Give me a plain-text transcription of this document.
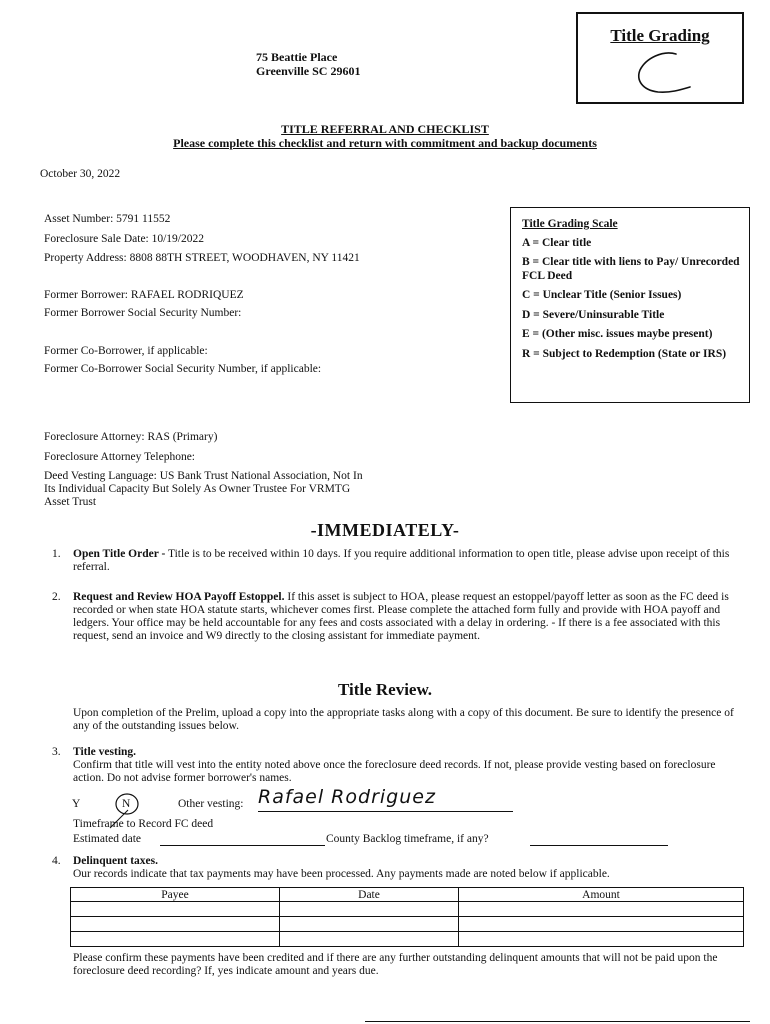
Title Grading
75 Beattie Place
Greenville SC 29601
TITLE REFERRAL AND CHECKLIST
Please complete this checklist and return with commitment and backup documents
October 30, 2022
Asset Number: 5791 11552
Foreclosure Sale Date: 10/19/2022
Property Address: 8808 88TH STREET, WOODHAVEN, NY 11421
Former Borrower: RAFAEL RODRIQUEZ
Former Borrower Social Security Number:
Former Co-Borrower, if applicable:
Former Co-Borrower Social Security Number, if applicable:
Foreclosure Attorney: RAS (Primary)
Foreclosure Attorney Telephone:
Deed Vesting Language: US Bank Trust National Association, Not In Its Individual Capacity But Solely As Owner Trustee For VRMTG Asset Trust
Title Grading Scale
A = Clear title
B = Clear title with liens to Pay/ Unrecorded FCL Deed
C = Unclear Title (Senior Issues)
D = Severe/Uninsurable Title
E = (Other misc. issues maybe present)
R = Subject to Redemption (State or IRS)
-IMMEDIATELY-
1. Open Title Order - Title is to be received within 10 days. If you require additional information to open title, please advise upon receipt of this referral.
2. Request and Review HOA Payoff Estoppel. If this asset is subject to HOA, please request an estoppel/payoff letter as soon as the FC deed is recorded or when state HOA statute starts, whichever comes first. Please complete the attached form fully and provide with HOA payoff and ledgers. Your office may be held accountable for any fees and costs associated with a delay in ordering. - If there is a fee associated with this request, send an invoice and W9 directly to the closing assistant for immediate payment.
Title Review.
Upon completion of the Prelim, upload a copy into the appropriate tasks along with a copy of this document. Be sure to identify the presence of any of the outstanding issues below.
3. Title vesting.
Confirm that title will vest into the entity noted above once the foreclosure deed records. If not, please provide vesting based on foreclosure action. Do not advise former borrower's names.
Y	N	Other vesting: Rafael Rodriguez
Timeframe to Record FC deed
Estimated date	County Backlog timeframe, if any?
4. Delinquent taxes.
Our records indicate that tax payments may have been processed. Any payments made are noted below if applicable.
Payee	Date	Amount

Please confirm these payments have been credited and if there are any further outstanding delinquent amounts that will not be paid upon the foreclosure deed recording? If, yes indicate amount and years due.
